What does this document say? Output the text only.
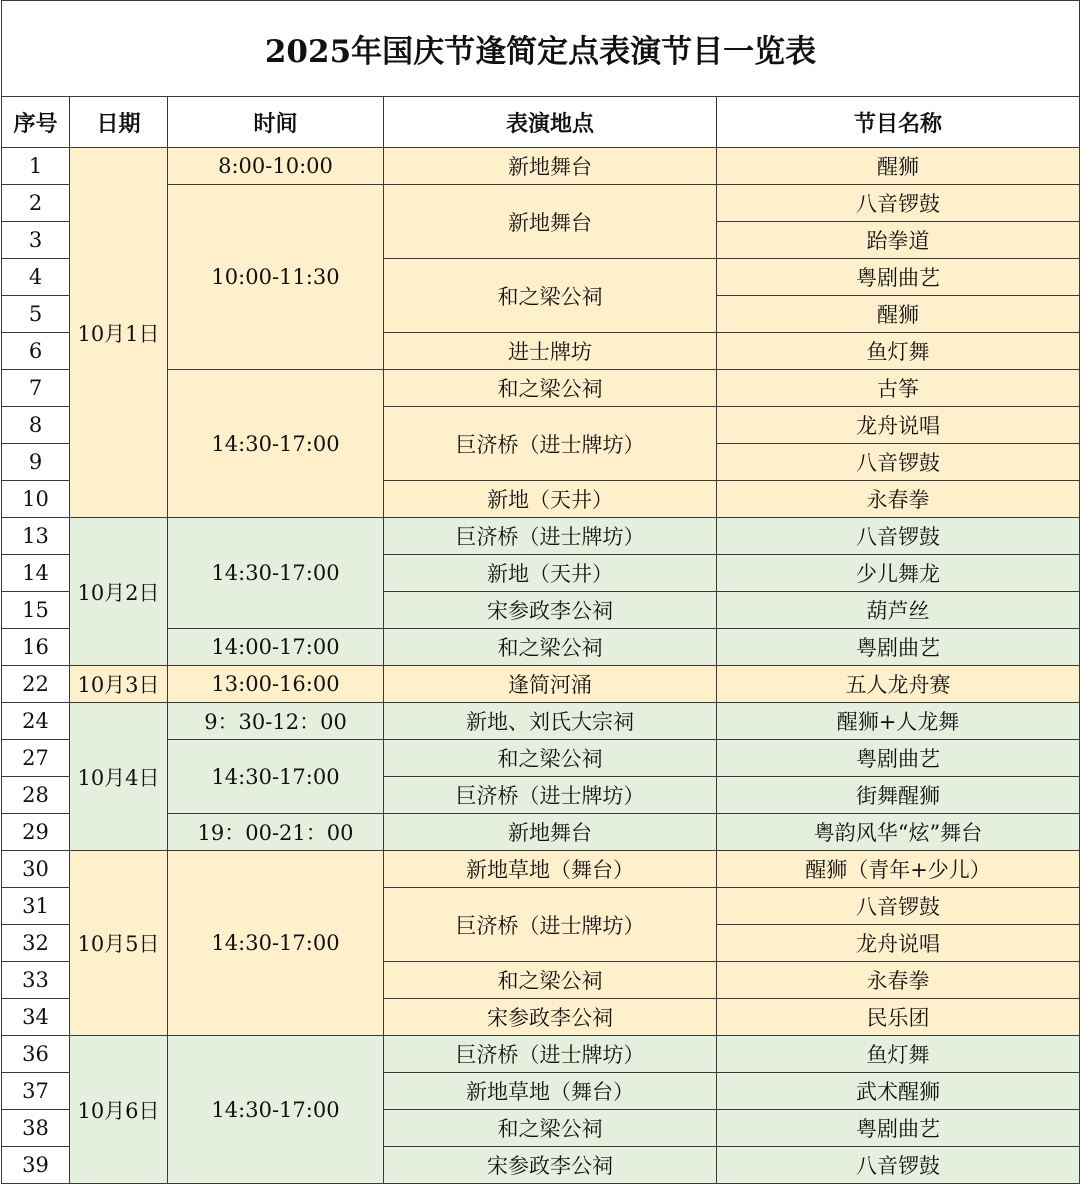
2025年国庆节逢简定点表演节目一览表				
序号	日期	时间	表演地点	节目名称
1	10月1日	8:00-10:00	新地舞台	醒狮
2		10:00-11:30	新地舞台	八音锣鼓
3				跆拳道
4			和之梁公祠	粤剧曲艺
5				醒狮
6			进士牌坊	鱼灯舞
7		14:30-17:00	和之梁公祠	古筝
8			巨济桥（进士牌坊）	龙舟说唱
9				八音锣鼓
10			新地（天井）	永春拳
13	10月2日	14:30-17:00	巨济桥（进士牌坊）	八音锣鼓
14			新地（天井）	少儿舞龙
15			宋参政李公祠	葫芦丝
16		14:00-17:00	和之梁公祠	粤剧曲艺
22	10月3日	13:00-16:00	逢简河涌	五人龙舟赛
24	10月4日	9：30-12：00	新地、刘氏大宗祠	醒狮+人龙舞
27		14:30-17:00	和之梁公祠	粤剧曲艺
28			巨济桥（进士牌坊）	街舞醒狮
29		19：00-21：00	新地舞台	粤韵风华“炫”舞台
30	10月5日	14:30-17:00	新地草地（舞台）	醒狮（青年+少儿）
31			巨济桥（进士牌坊）	八音锣鼓
32				龙舟说唱
33			和之梁公祠	永春拳
34			宋参政李公祠	民乐团
36	10月6日	14:30-17:00	巨济桥（进士牌坊）	鱼灯舞
37			新地草地（舞台）	武术醒狮
38			和之梁公祠	粤剧曲艺
39			宋参政李公祠	八音锣鼓
